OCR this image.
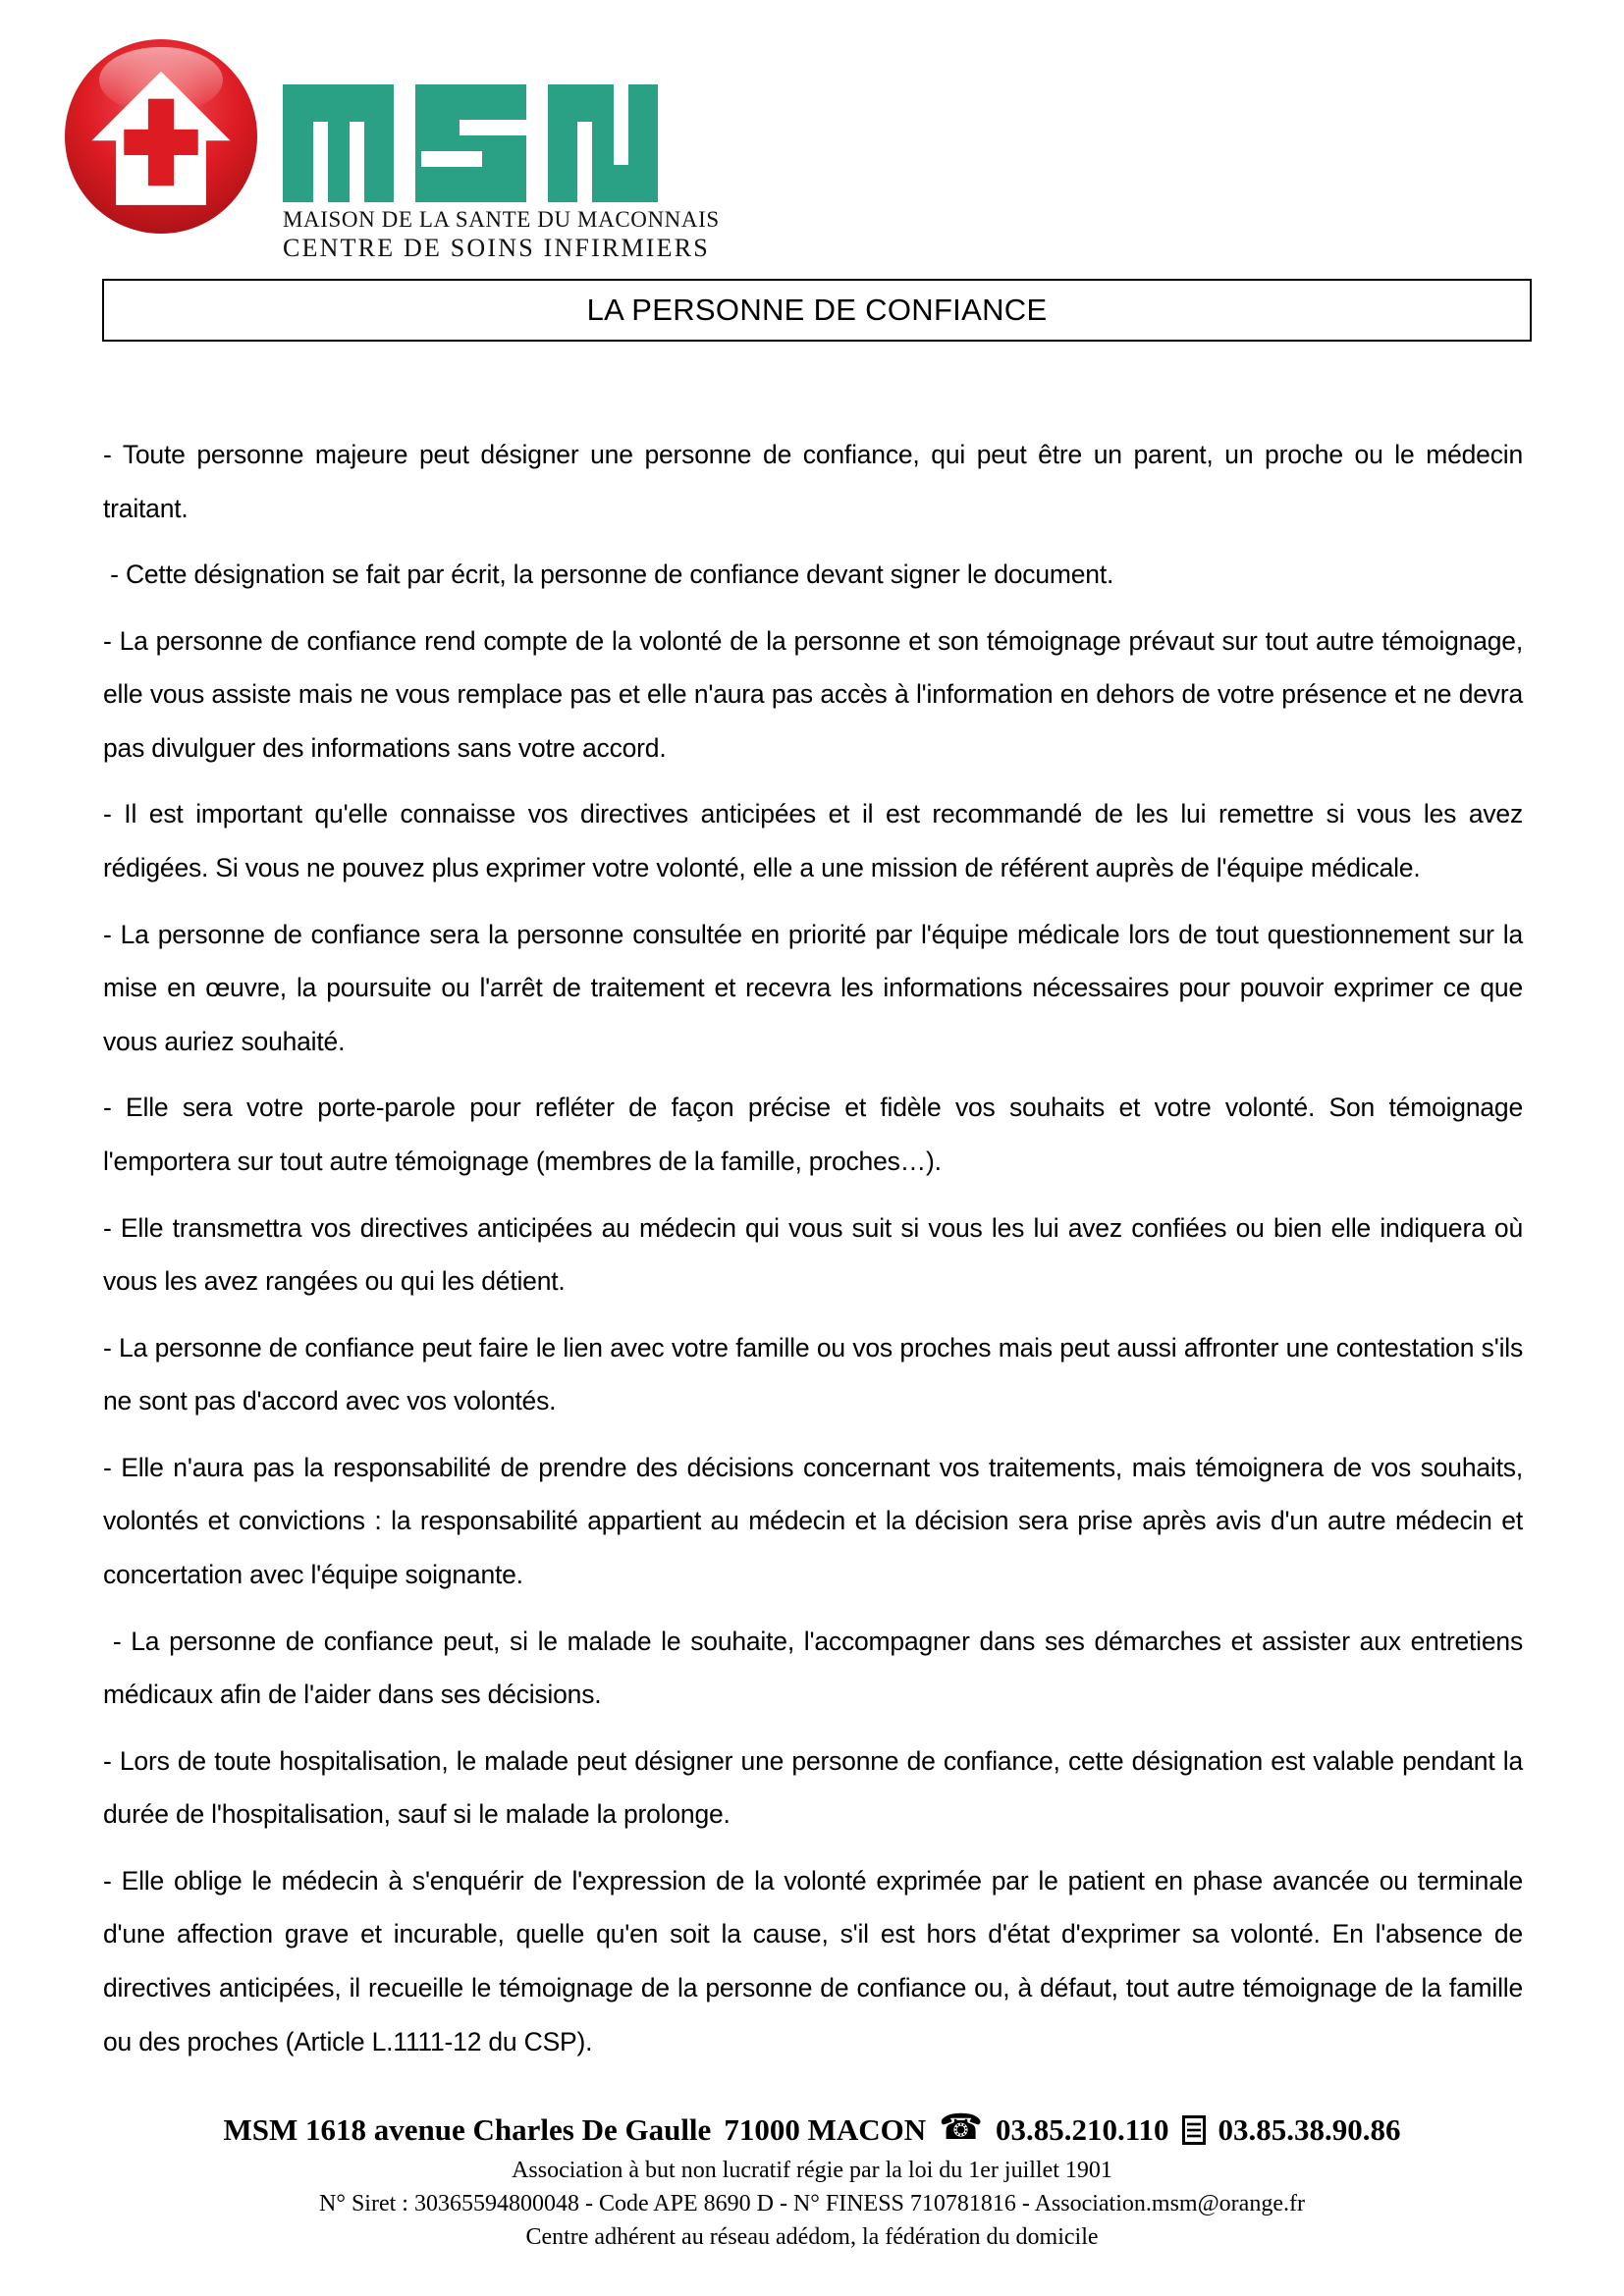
MAISON DE LA SANTE DU MACONNAIS
CENTRE DE SOINS INFIRMIERS
LA PERSONNE DE CONFIANCE

- Toute personne majeure peut désigner une personne de confiance, qui peut être un parent, un proche ou le médecin traitant.

- Cette désignation se fait par écrit, la personne de confiance devant signer le document.

- La personne de confiance rend compte de la volonté de la personne et son témoignage prévaut sur tout autre témoignage, elle vous assiste mais ne vous remplace pas et elle n'aura pas accès à l'information en dehors de votre présence et ne devra pas divulguer des informations sans votre accord.

- Il est important qu'elle connaisse vos directives anticipées et il est recommandé de les lui remettre si vous les avez rédigées. Si vous ne pouvez plus exprimer votre volonté, elle a une mission de référent auprès de l'équipe médicale.

- La personne de confiance sera la personne consultée en priorité par l'équipe médicale lors de tout questionnement sur la mise en œuvre, la poursuite ou l'arrêt de traitement et recevra les informations nécessaires pour pouvoir exprimer ce que vous auriez souhaité.

- Elle sera votre porte-parole pour refléter de façon précise et fidèle vos souhaits et votre volonté. Son témoignage l'emportera sur tout autre témoignage (membres de la famille, proches…).

- Elle transmettra vos directives anticipées au médecin qui vous suit si vous les lui avez confiées ou bien elle indiquera où vous les avez rangées ou qui les détient.

- La personne de confiance peut faire le lien avec votre famille ou vos proches mais peut aussi affronter une contestation s'ils ne sont pas d'accord avec vos volontés.

- Elle n'aura pas la responsabilité de prendre des décisions concernant vos traitements, mais témoignera de vos souhaits, volontés et convictions : la responsabilité appartient au médecin et la décision sera prise après avis d'un autre médecin et concertation avec l'équipe soignante.

- La personne de confiance peut, si le malade le souhaite, l'accompagner dans ses démarches et assister aux entretiens médicaux afin de l'aider dans ses décisions.

- Lors de toute hospitalisation, le malade peut désigner une personne de confiance, cette désignation est valable pendant la durée de l'hospitalisation, sauf si le malade la prolonge.

- Elle oblige le médecin à s'enquérir de l'expression de la volonté exprimée par le patient en phase avancée ou terminale d'une affection grave et incurable, quelle qu'en soit la cause, s'il est hors d'état d'exprimer sa volonté. En l'absence de directives anticipées, il recueille le témoignage de la personne de confiance ou, à défaut, tout autre témoignage de la famille ou des proches (Article L.1111-12 du CSP).

MSM 1618 avenue Charles De Gaulle 71000 MACON ☎ 03.85.210.110 03.85.38.90.86
Association à but non lucratif régie par la loi du 1er juillet 1901
N° Siret : 30365594800048 - Code APE 8690 D - N° FINESS 710781816 - Association.msm@orange.fr
Centre adhérent au réseau adédom, la fédération du domicile
